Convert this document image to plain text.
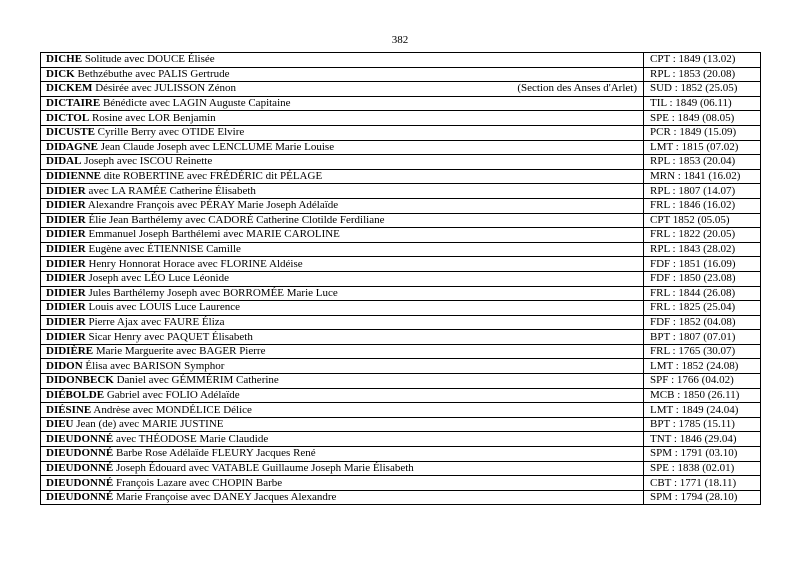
382
DICHE Solitude avec DOUCE Élisée	CPT : 1849 (13.02)
DICK Bethzébuthe avec PALIS Gertrude	RPL : 1853 (20.08)
DICKEM Désirée avec JULISSON Zénon (Section des Anses d'Arlet)	SUD : 1852 (25.05)
DICTAIRE Bénédicte avec LAGIN Auguste Capitaine	TIL : 1849 (06.11)
DICTOL Rosine avec LOR Benjamin	SPE : 1849 (08.05)
DICUSTE Cyrille Berry avec OTIDE Elvire	PCR : 1849 (15.09)
DIDAGNE Jean Claude Joseph avec LENCLUME Marie Louise	LMT : 1815 (07.02)
DIDAL Joseph avec ISCOU Reinette	RPL : 1853 (20.04)
DIDIENNE dite ROBERTINE avec FRÉDÉRIC dit PÉLAGE	MRN : 1841 (16.02)
DIDIER avec LA RAMÉE Catherine Élisabeth	RPL : 1807 (14.07)
DIDIER Alexandre François avec PÉRAY Marie Joseph Adélaïde	FRL : 1846 (16.02)
DIDIER Élie Jean Barthélemy avec CADORÉ Catherine Clotilde Ferdiliane	CPT 1852 (05.05)
DIDIER Emmanuel Joseph Barthélemi avec MARIE CAROLINE	FRL : 1822 (20.05)
DIDIER Eugène avec ÉTIENNISE Camille	RPL : 1843 (28.02)
DIDIER Henry Honnorat Horace avec FLORINE Aldéise	FDF : 1851 (16.09)
DIDIER Joseph avec LÉO Luce Léonide	FDF : 1850 (23.08)
DIDIER Jules Barthélemy Joseph avec BORROMÉE Marie Luce	FRL : 1844 (26.08)
DIDIER Louis avec LOUIS Luce Laurence	FRL : 1825 (25.04)
DIDIER Pierre Ajax avec FAURE Éliza	FDF : 1852 (04.08)
DIDIER Sicar Henry avec PAQUET Élisabeth	BPT : 1807 (07.01)
DIDIÈRE Marie Marguerite avec BAGER Pierre	FRL : 1765 (30.07)
DIDON Élisa avec BARISON Symphor	LMT : 1852 (24.08)
DIDONBECK Daniel avec GÉMMÉRIM Catherine	SPF : 1766 (04.02)
DIÉBOLDE Gabriel avec FOLIO Adélaïde	MCB : 1850 (26.11)
DIÉSINE Andrèse avec MONDÉLICE Délice	LMT : 1849 (24.04)
DIEU Jean (de) avec MARIE JUSTINE	BPT : 1785 (15.11)
DIEUDONNÉ avec THÉODOSE Marie Claudide	TNT : 1846 (29.04)
DIEUDONNÉ Barbe Rose Adélaïde FLEURY Jacques René	SPM : 1791 (03.10)
DIEUDONNÉ Joseph Édouard avec VATABLE Guillaume Joseph Marie Élisabeth	SPE : 1838 (02.01)
DIEUDONNÉ François Lazare avec CHOPIN Barbe	CBT : 1771 (18.11)
DIEUDONNÉ Marie Françoise avec DANEY Jacques Alexandre	SPM : 1794 (28.10)
